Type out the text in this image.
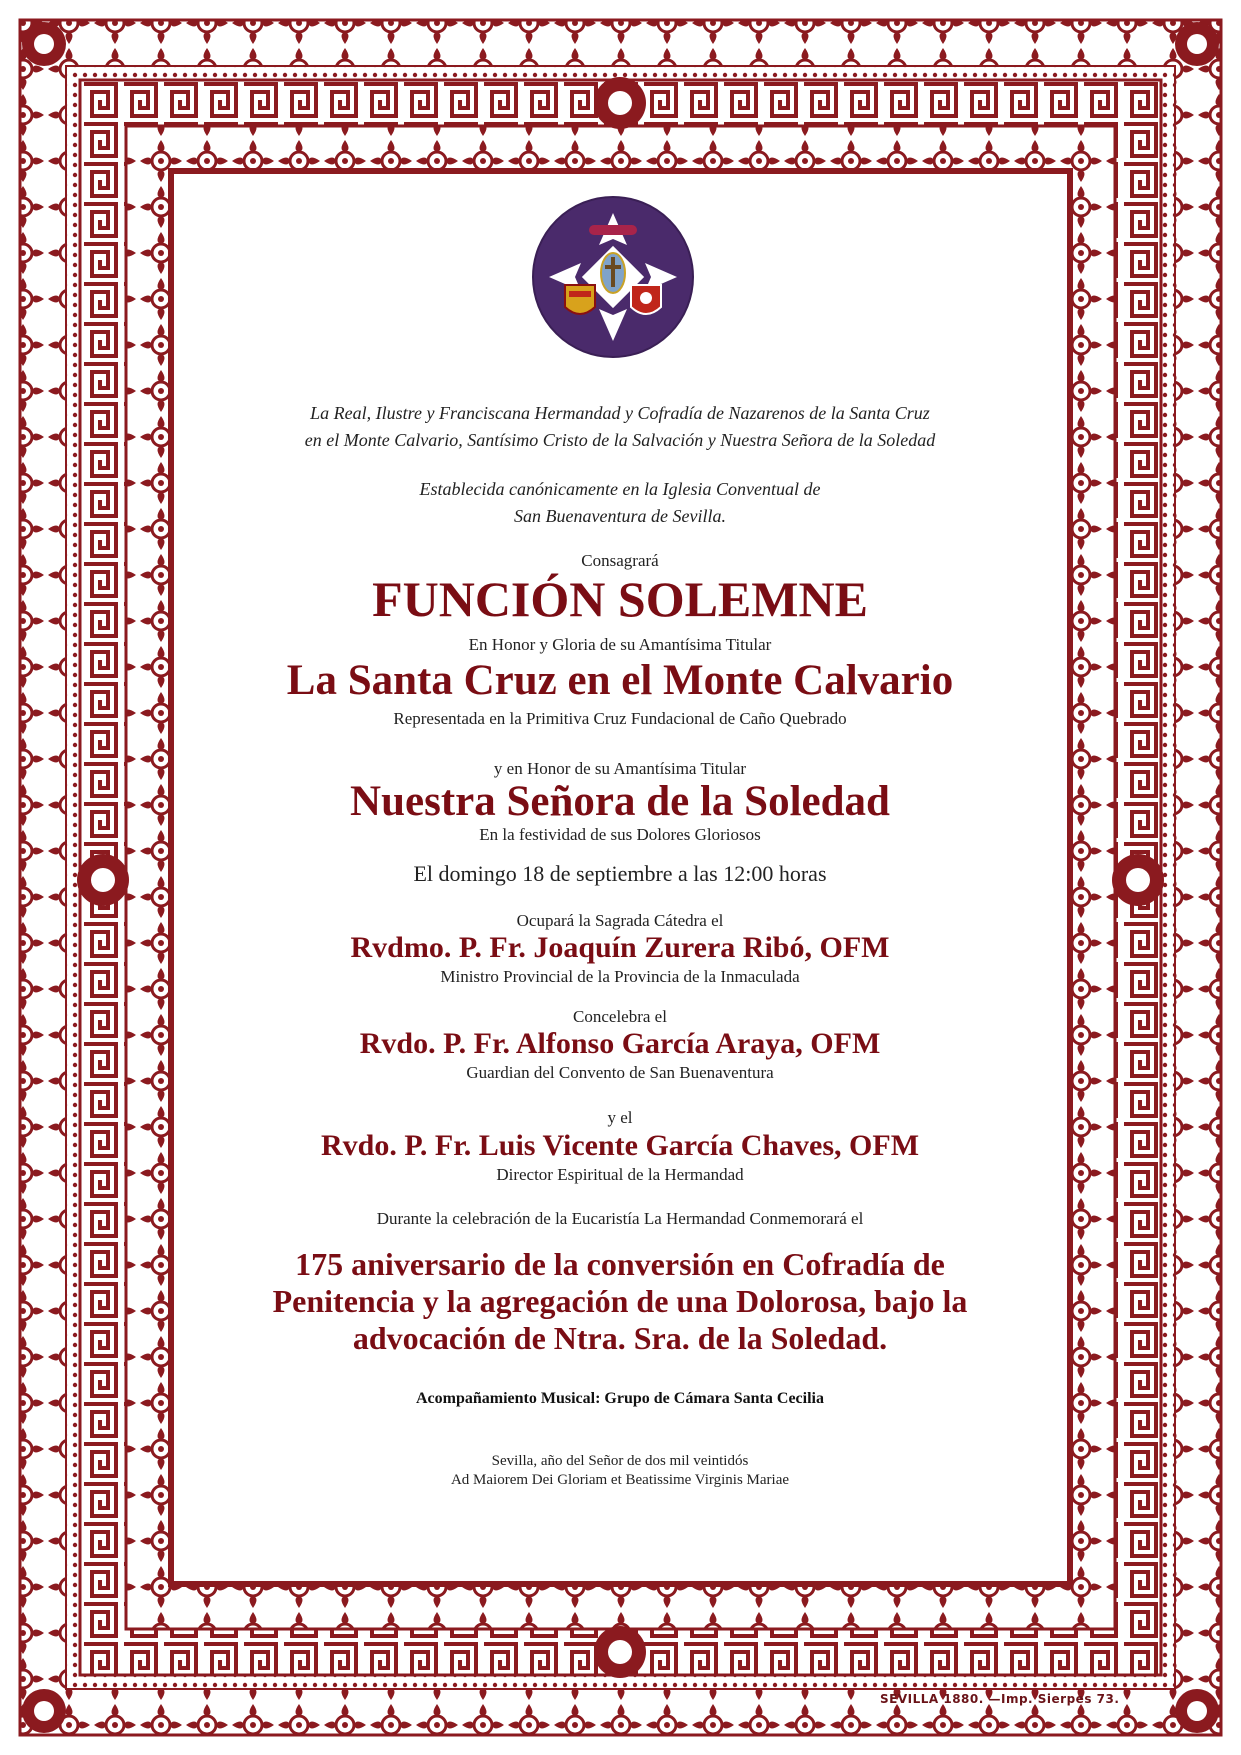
La Real, Ilustre y Franciscana Hermandad y Cofradía de Nazarenos de la Santa Cruz
en el Monte Calvario, Santísimo Cristo de la Salvación y Nuestra Señora de la Soledad
Establecida canónicamente en la Iglesia Conventual de
San Buenaventura de Sevilla.
Consagrará
FUNCIÓN SOLEMNE
En Honor y Gloria de su Amantísima Titular
La Santa Cruz en el Monte Calvario
Representada en la Primitiva Cruz Fundacional de Caño Quebrado
y en Honor de su Amantísima Titular
Nuestra Señora de la Soledad
En la festividad de sus Dolores Gloriosos
El domingo 18 de septiembre a las 12:00 horas
Ocupará la Sagrada Cátedra el
Rvdmo. P. Fr. Joaquín Zurera Ribó, OFM
Ministro Provincial de la Provincia de la Inmaculada
Concelebra el
Rvdo. P. Fr. Alfonso García Araya, OFM
Guardian del Convento de San Buenaventura
y el
Rvdo. P. Fr. Luis Vicente García Chaves, OFM
Director Espiritual de la Hermandad
Durante la celebración de la Eucaristía La Hermandad Conmemorará el
175 aniversario de la conversión en Cofradía de
Penitencia y la agregación de una Dolorosa, bajo la
advocación de Ntra. Sra. de la Soledad.
Acompañamiento Musical: Grupo de Cámara Santa Cecilia
Sevilla, año del Señor de dos mil veintidós
Ad Maiorem Dei Gloriam et Beatissime Virginis Mariae
SEVILLA 1880. —Imp. Sierpes 73.
